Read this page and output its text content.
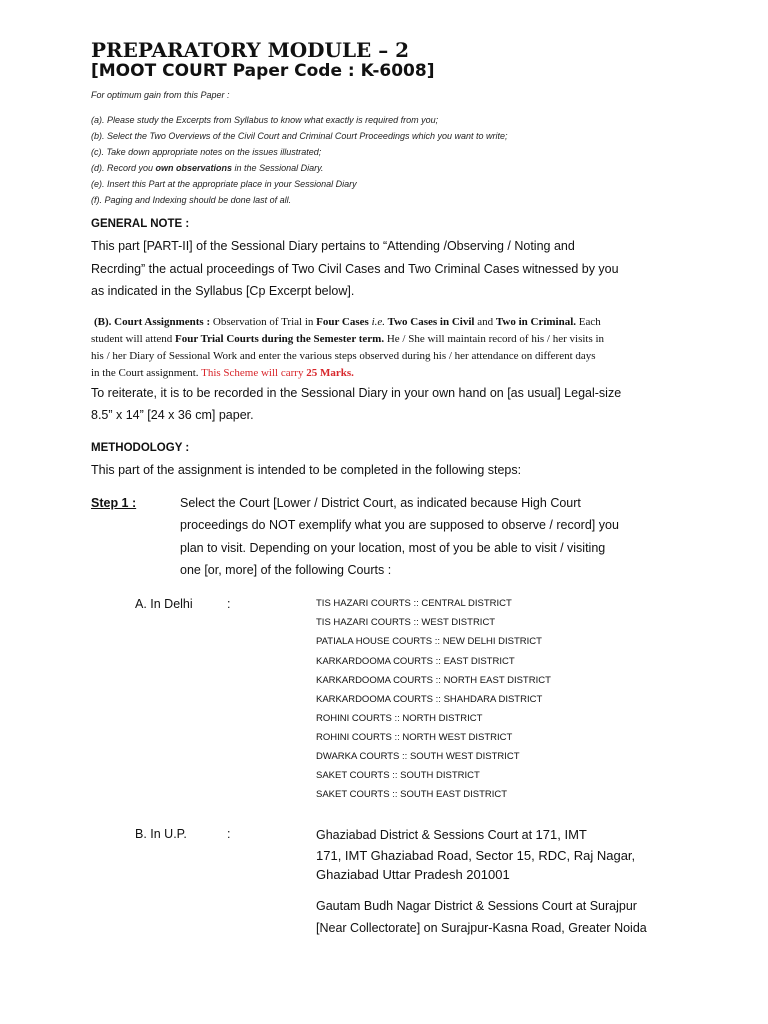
PREPARATORY MODULE – 2
[MOOT COURT Paper Code : K-6008]
For optimum gain from this Paper :
(a). Please study the Excerpts from Syllabus to know what exactly is required from you;
(b). Select the Two Overviews of the Civil Court and Criminal Court Proceedings which you want to write;
(c). Take down appropriate notes on the issues illustrated;
(d). Record you own observations in the Sessional Diary.
(e). Insert this Part at the appropriate place in your Sessional Diary
(f). Paging and Indexing should be done last of all.
GENERAL NOTE :
This part [PART-II] of the Sessional Diary pertains to “Attending /Observing / Noting and
Recrding” the actual proceedings of Two Civil Cases and Two Criminal Cases witnessed by you
as indicated in the Syllabus [Cp Excerpt below].
(B). Court Assignments : Observation of Trial in Four Cases i.e. Two Cases in Civil and Two in Criminal. Each
student will attend Four Trial Courts during the Semester term. He / She will maintain record of his / her visits in
his / her Diary of Sessional Work and enter the various steps observed during his / her attendance on different days
in the Court assignment. This Scheme will carry 25 Marks.
To reiterate, it is to be recorded in the Sessional Diary in your own hand on [as usual] Legal-size
8.5” x 14” [24 x 36 cm] paper.
METHODOLOGY :
This part of the assignment is intended to be completed in the following steps:
Step 1 :	Select the Court [Lower / District Court, as indicated because High Court
proceedings do NOT exemplify what you are supposed to observe / record] you
plan to visit. Depending on your location, most of you be able to visit / visiting
one [or, more] of the following Courts :
A. In Delhi	:	TIS HAZARI COURTS :: CENTRAL DISTRICT
TIS HAZARI COURTS :: WEST DISTRICT
PATIALA HOUSE COURTS :: NEW DELHI DISTRICT
KARKARDOOMA COURTS :: EAST DISTRICT
KARKARDOOMA COURTS :: NORTH EAST DISTRICT
KARKARDOOMA COURTS :: SHAHDARA DISTRICT
ROHINI COURTS :: NORTH DISTRICT
ROHINI COURTS :: NORTH WEST DISTRICT
DWARKA COURTS :: SOUTH WEST DISTRICT
SAKET COURTS :: SOUTH DISTRICT
SAKET COURTS :: SOUTH EAST DISTRICT
B. In U.P.	:	Ghaziabad District & Sessions Court at 171, IMT
171, IMT Ghaziabad Road, Sector 15, RDC, Raj Nagar,
Ghaziabad Uttar Pradesh 201001
Gautam Budh Nagar District & Sessions Court at Surajpur
[Near Collectorate] on Surajpur-Kasna Road, Greater Noida
